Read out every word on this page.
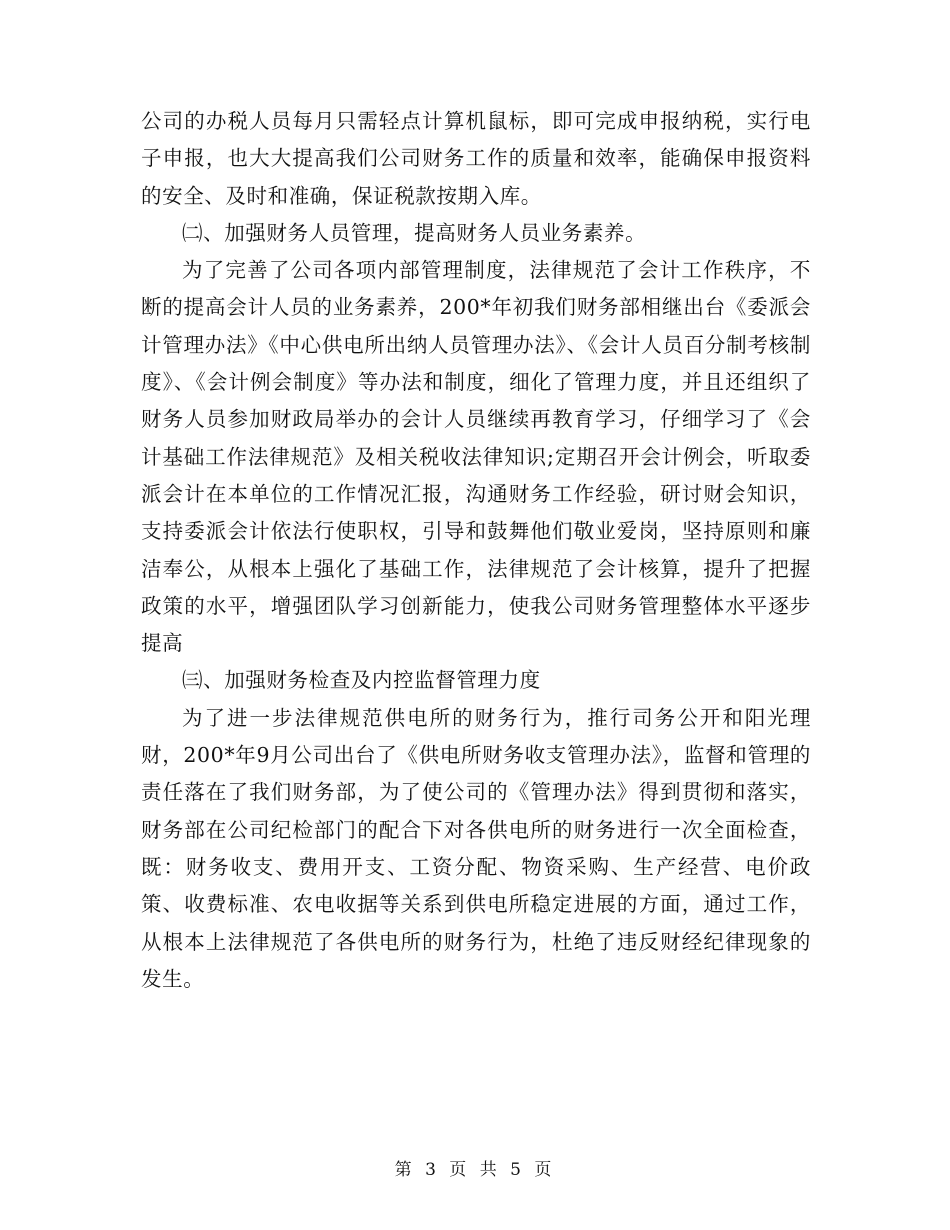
公司的办税人员每月只需轻点计算机鼠标，即可完成申报纳税，实行电子申报，也大大提高我们公司财务工作的质量和效率，能确保申报资料的安全、及时和准确，保证税款按期入库。

㈡、加强财务人员管理，提高财务人员业务素养。

为了完善了公司各项内部管理制度，法律规范了会计工作秩序，不断的提高会计人员的业务素养，200*年初我们财务部相继出台《委派会计管理办法》《中心供电所出纳人员管理办法》、《会计人员百分制考核制度》、《会计例会制度》等办法和制度，细化了管理力度，并且还组织了财务人员参加财政局举办的会计人员继续再教育学习，仔细学习了《会计基础工作法律规范》及相关税收法律知识;定期召开会计例会，听取委派会计在本单位的工作情况汇报，沟通财务工作经验，研讨财会知识，支持委派会计依法行使职权，引导和鼓舞他们敬业爱岗，坚持原则和廉洁奉公，从根本上强化了基础工作，法律规范了会计核算，提升了把握政策的水平，增强团队学习创新能力，使我公司财务管理整体水平逐步提高

㈢、加强财务检查及内控监督管理力度

为了进一步法律规范供电所的财务行为，推行司务公开和阳光理财，200*年9月公司出台了《供电所财务收支管理办法》，监督和管理的责任落在了我们财务部，为了使公司的《管理办法》得到贯彻和落实，财务部在公司纪检部门的配合下对各供电所的财务进行一次全面检查，既：财务收支、费用开支、工资分配、物资采购、生产经营、电价政策、收费标准、农电收据等关系到供电所稳定进展的方面，通过工作，从根本上法律规范了各供电所的财务行为，杜绝了违反财经纪律现象的发生。

第 3 页 共 5 页
